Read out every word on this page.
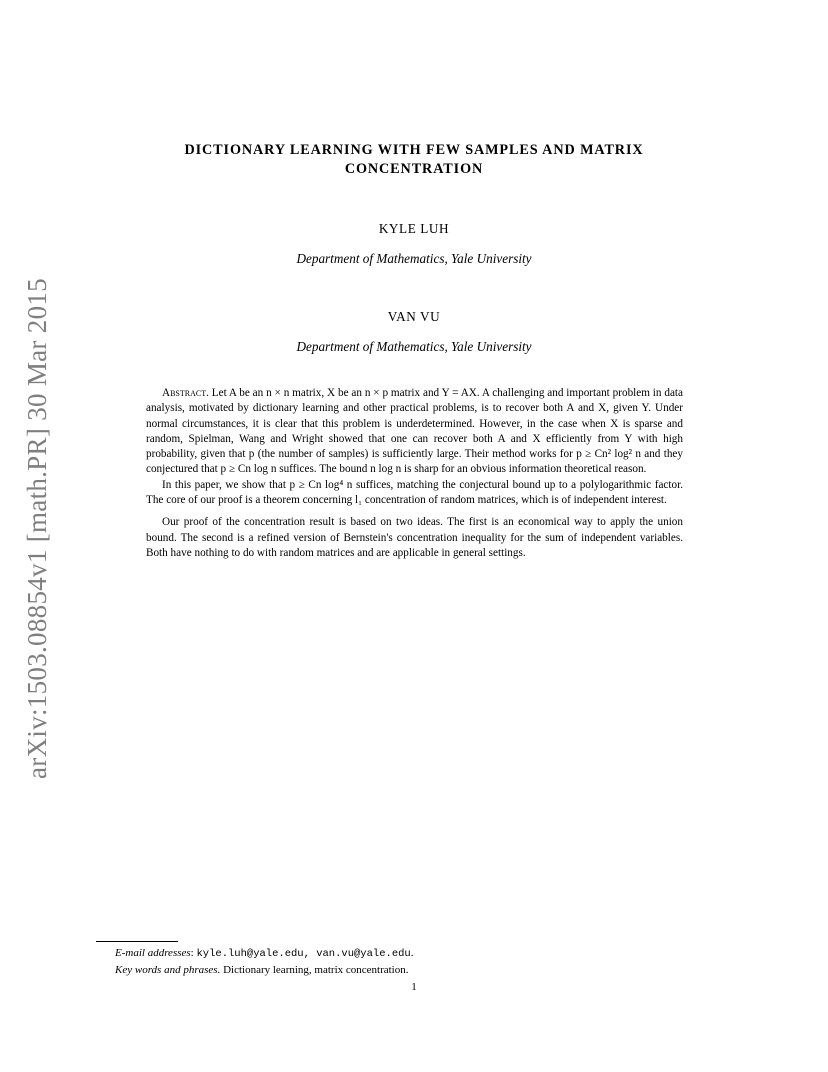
arXiv:1503.08854v1 [math.PR] 30 Mar 2015
DICTIONARY LEARNING WITH FEW SAMPLES AND MATRIX CONCENTRATION
KYLE LUH
Department of Mathematics, Yale University
VAN VU
Department of Mathematics, Yale University

Abstract. Let A be an n × n matrix, X be an n × p matrix and Y = AX. A challenging and important problem in data analysis, motivated by dictionary learning and other practical problems, is to recover both A and X, given Y. Under normal circumstances, it is clear that this problem is underdetermined. However, in the case when X is sparse and random, Spielman, Wang and Wright showed that one can recover both A and X efficiently from Y with high probability, given that p (the number of samples) is sufficiently large. Their method works for p ≥ Cn² log² n and they conjectured that p ≥ Cn log n suffices. The bound n log n is sharp for an obvious information theoretical reason.

In this paper, we show that p ≥ Cn log⁴ n suffices, matching the conjectural bound up to a polylogarithmic factor. The core of our proof is a theorem concerning l₁ concentration of random matrices, which is of independent interest.

Our proof of the concentration result is based on two ideas. The first is an economical way to apply the union bound. The second is a refined version of Bernstein's concentration inequality for the sum of independent variables. Both have nothing to do with random matrices and are applicable in general settings.

E-mail addresses: kyle.luh@yale.edu, van.vu@yale.edu.

Key words and phrases. Dictionary learning, matrix concentration.

1
